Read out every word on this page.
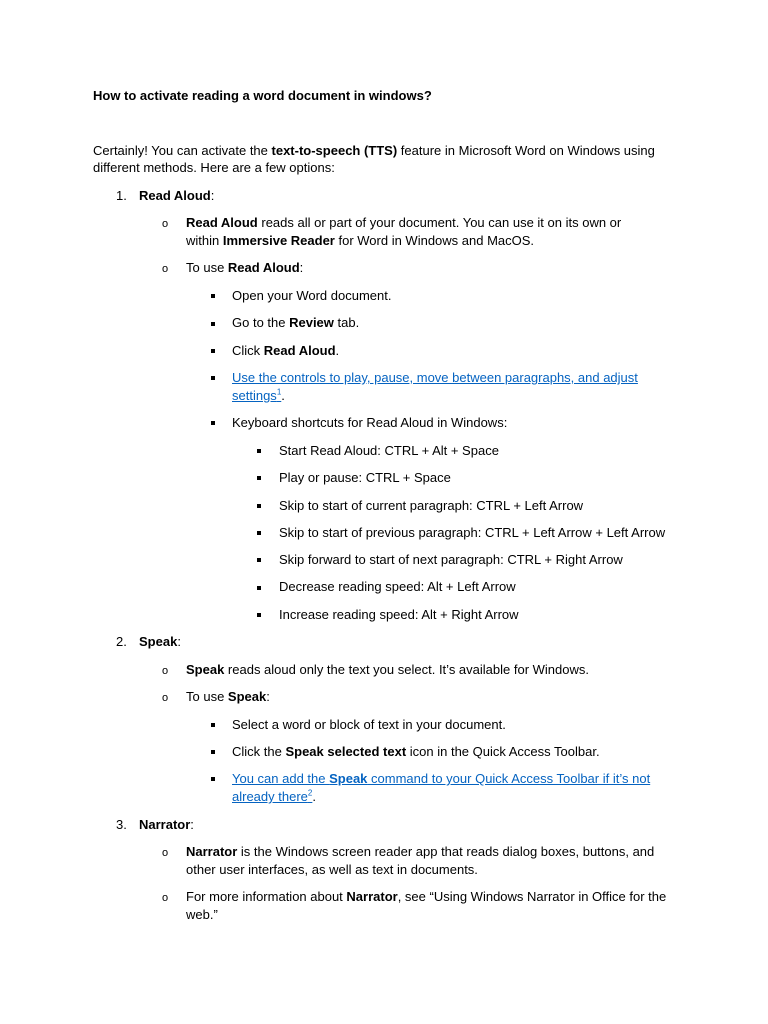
How to activate reading a word document in windows?
Certainly! You can activate the text-to-speech (TTS) feature in Microsoft Word on Windows using
different methods. Here are a few options:
1. Read Aloud:
o Read Aloud reads all or part of your document. You can use it on its own or
within Immersive Reader for Word in Windows and MacOS.
o To use Read Aloud:
Open your Word document.
Go to the Review tab.
Click Read Aloud.
Use the controls to play, pause, move between paragraphs, and adjust
settings$^1$.
Keyboard shortcuts for Read Aloud in Windows:
Start Read Aloud: CTRL + Alt + Space
Play or pause: CTRL + Space
Skip to start of current paragraph: CTRL + Left Arrow
Skip to start of previous paragraph: CTRL + Left Arrow + Left Arrow
Skip forward to start of next paragraph: CTRL + Right Arrow
Decrease reading speed: Alt + Left Arrow
Increase reading speed: Alt + Right Arrow
2. Speak:
o Speak reads aloud only the text you select. It’s available for Windows.
o To use Speak:
Select a word or block of text in your document.
Click the Speak selected text icon in the Quick Access Toolbar.
You can add the Speak command to your Quick Access Toolbar if it’s not
already there$^2$.
3. Narrator:
o Narrator is the Windows screen reader app that reads dialog boxes, buttons, and
other user interfaces, as well as text in documents.
o For more information about Narrator, see “Using Windows Narrator in Office for the
web.”
